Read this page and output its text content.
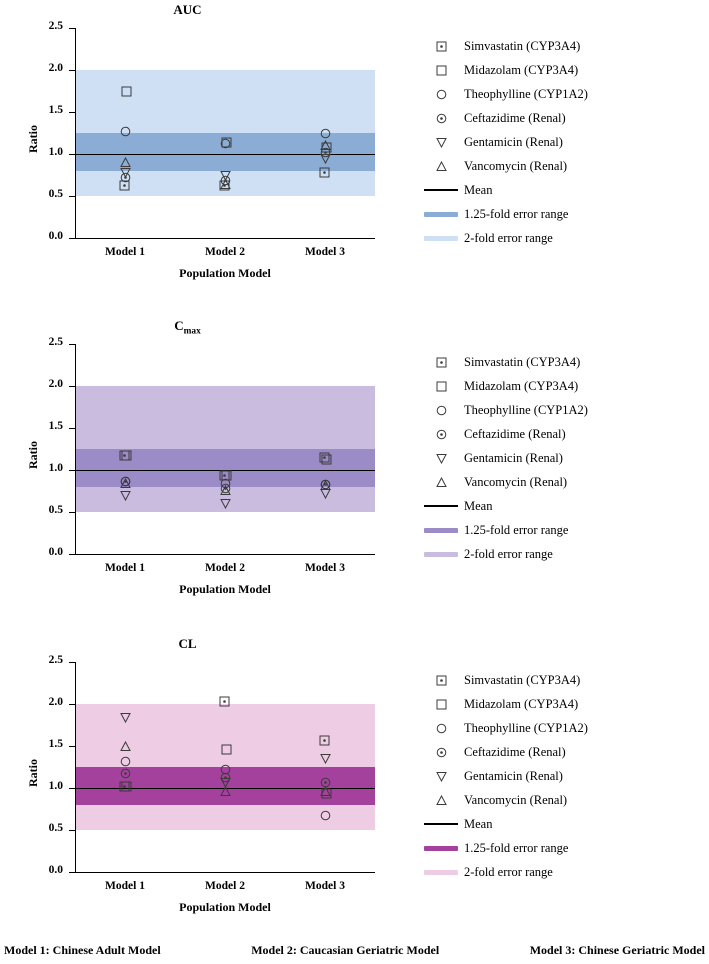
AUC
0.0
0.5
1.0
1.5
2.0
2.5
Model 1	Model 2	Model 3
Ratio
Population Model
Simvastatin (CYP3A4)
Midazolam (CYP3A4)
Theophylline (CYP1A2)
Ceftazidime (Renal)
Gentamicin (Renal)
Vancomycin (Renal)
Mean
1.25-fold error range
2-fold error range
$C_{max}$
0.0
0.5
1.0
1.5
2.0
2.5
Model 1	Model 2	Model 3
Ratio
Population Model
Simvastatin (CYP3A4)
Midazolam (CYP3A4)
Theophylline (CYP1A2)
Ceftazidime (Renal)
Gentamicin (Renal)
Vancomycin (Renal)
Mean
1.25-fold error range
2-fold error range
CL
0.0
0.5
1.0
1.5
2.0
2.5
Model 1	Model 2	Model 3
Ratio
Population Model
Simvastatin (CYP3A4)
Midazolam (CYP3A4)
Theophylline (CYP1A2)
Ceftazidime (Renal)
Gentamicin (Renal)
Vancomycin (Renal)
Mean
1.25-fold error range
2-fold error range
Model 1: Chinese Adult Model	Model 2: Caucasian Geriatric Model	Model 3: Chinese Geriatric Model
